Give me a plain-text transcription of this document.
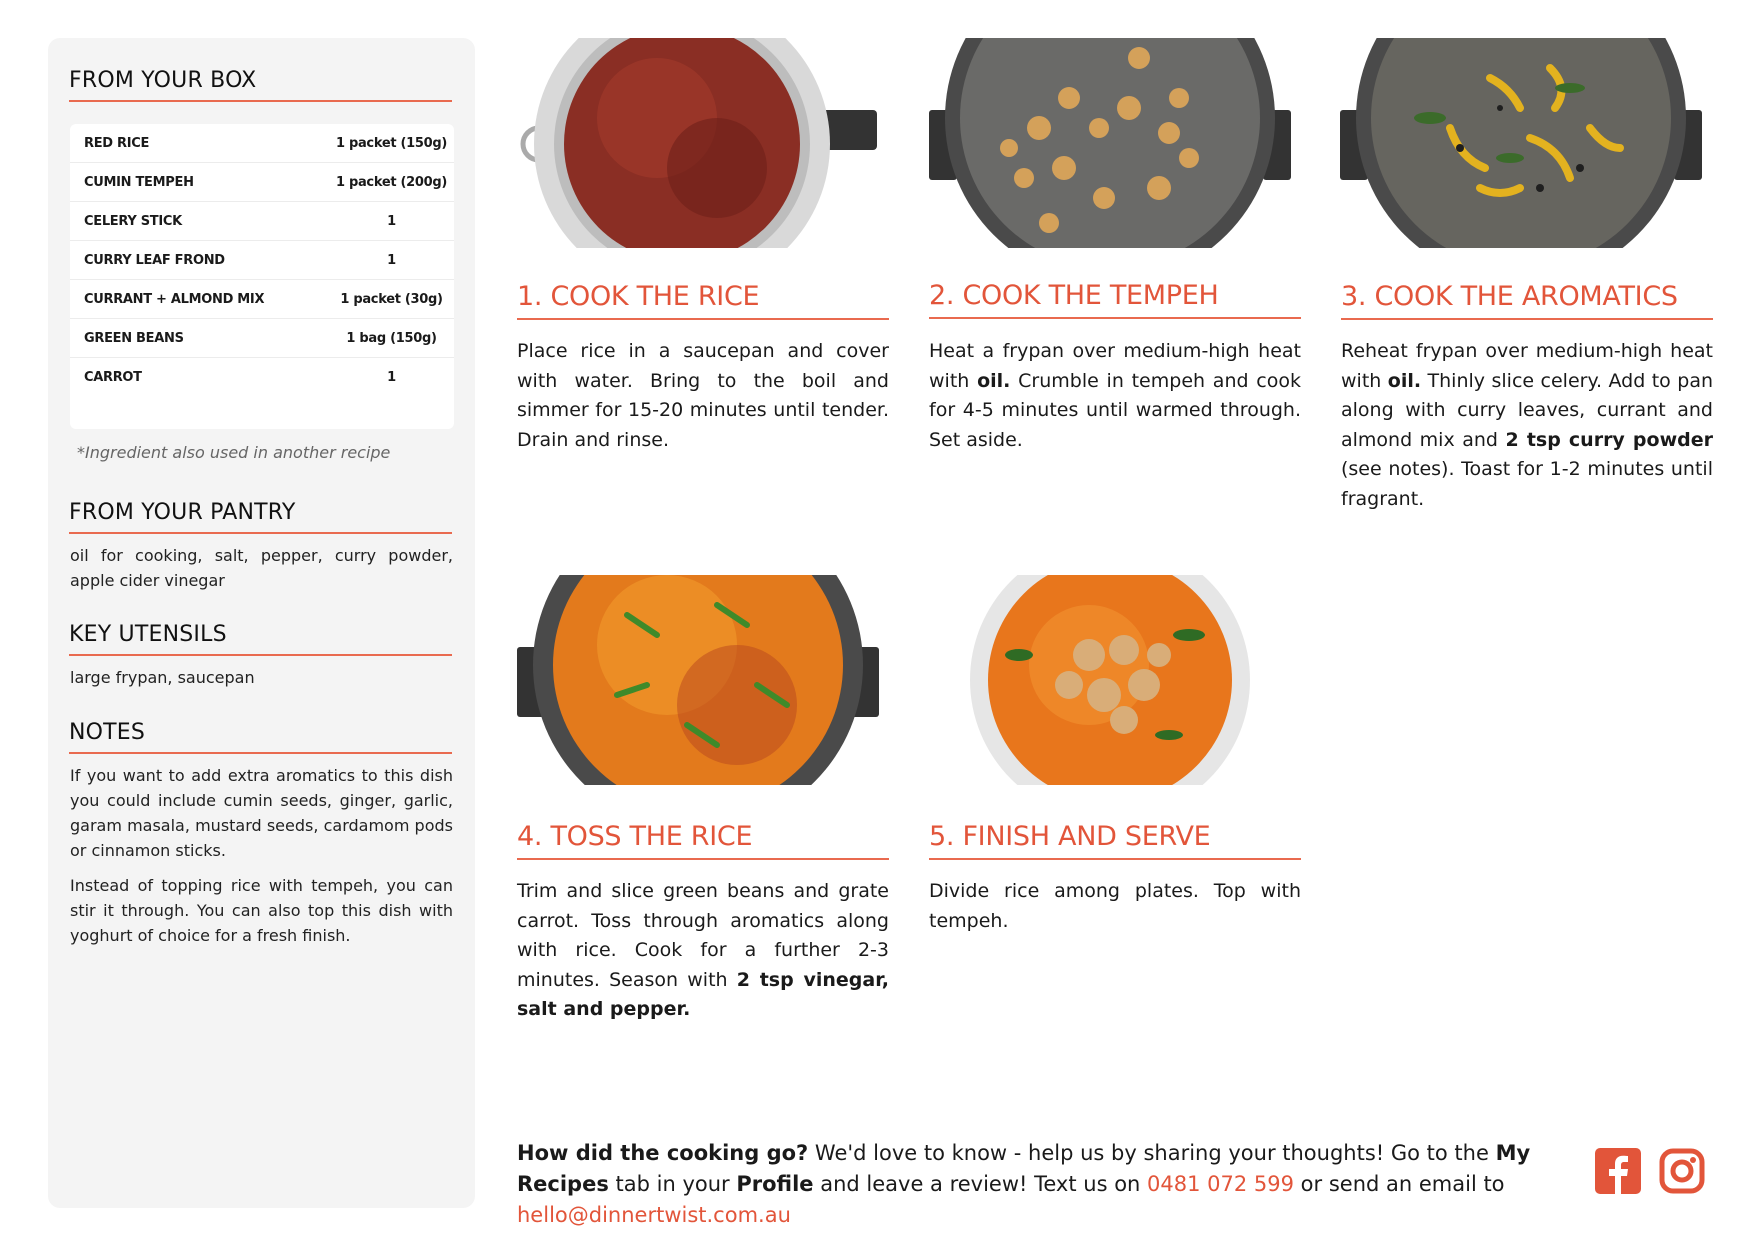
FROM YOUR BOX
RED RICE	1 packet (150g)
CUMIN TEMPEH	1 packet (200g)
CELERY STICK	1
CURRY LEAF FROND	1
CURRANT + ALMOND MIX	1 packet (30g)
GREEN BEANS	1 bag (150g)
CARROT	1
*Ingredient also used in another recipe
FROM YOUR PANTRY

oil for cooking, salt, pepper, curry powder, apple cider vinegar

KEY UTENSILS

large frypan, saucepan

NOTES

If you want to add extra aromatics to this dish you could include cumin seeds, ginger, garlic, garam masala, mustard seeds, cardamom pods or cinnamon sticks.

Instead of topping rice with tempeh, you can stir it through. You can also top this dish with yoghurt of choice for a fresh finish.

1. COOK THE RICE

Place rice in a saucepan and cover with water. Bring to the boil and simmer for 15-20 minutes until tender. Drain and rinse.

2. COOK THE TEMPEH

Heat a frypan over medium-high heat with oil. Crumble in tempeh and cook for 4-5 minutes until warmed through. Set aside.

3. COOK THE AROMATICS

Reheat frypan over medium-high heat with oil. Thinly slice celery. Add to pan along with curry leaves, currant and almond mix and 2 tsp curry powder (see notes). Toast for 1-2 minutes until fragrant.

4. TOSS THE RICE

Trim and slice green beans and grate carrot. Toss through aromatics along with rice. Cook for a further 2-3 minutes. Season with 2 tsp vinegar, salt and pepper.

5. FINISH AND SERVE

Divide rice among plates. Top with tempeh.

How did the cooking go? We'd love to know - help us by sharing your thoughts! Go to the My Recipes tab in your Profile and leave a review! Text us on 0481 072 599 or send an email to hello@dinnertwist.com.au
